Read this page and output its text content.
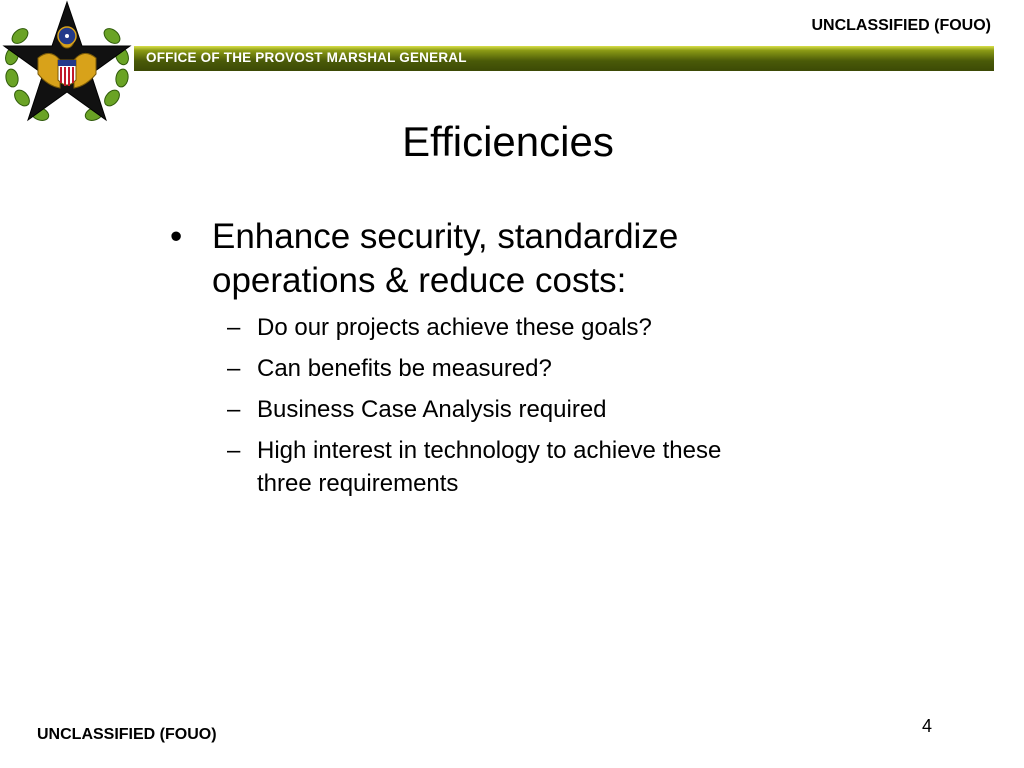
UNCLASSIFIED (FOUO)
OFFICE OF THE PROVOST MARSHAL GENERAL
Efficiencies
• Enhance security, standardize operations & reduce costs:
– Do our projects achieve these goals?
– Can benefits be measured?
– Business Case Analysis required
– High interest in technology to achieve these three requirements
4
UNCLASSIFIED (FOUO)
